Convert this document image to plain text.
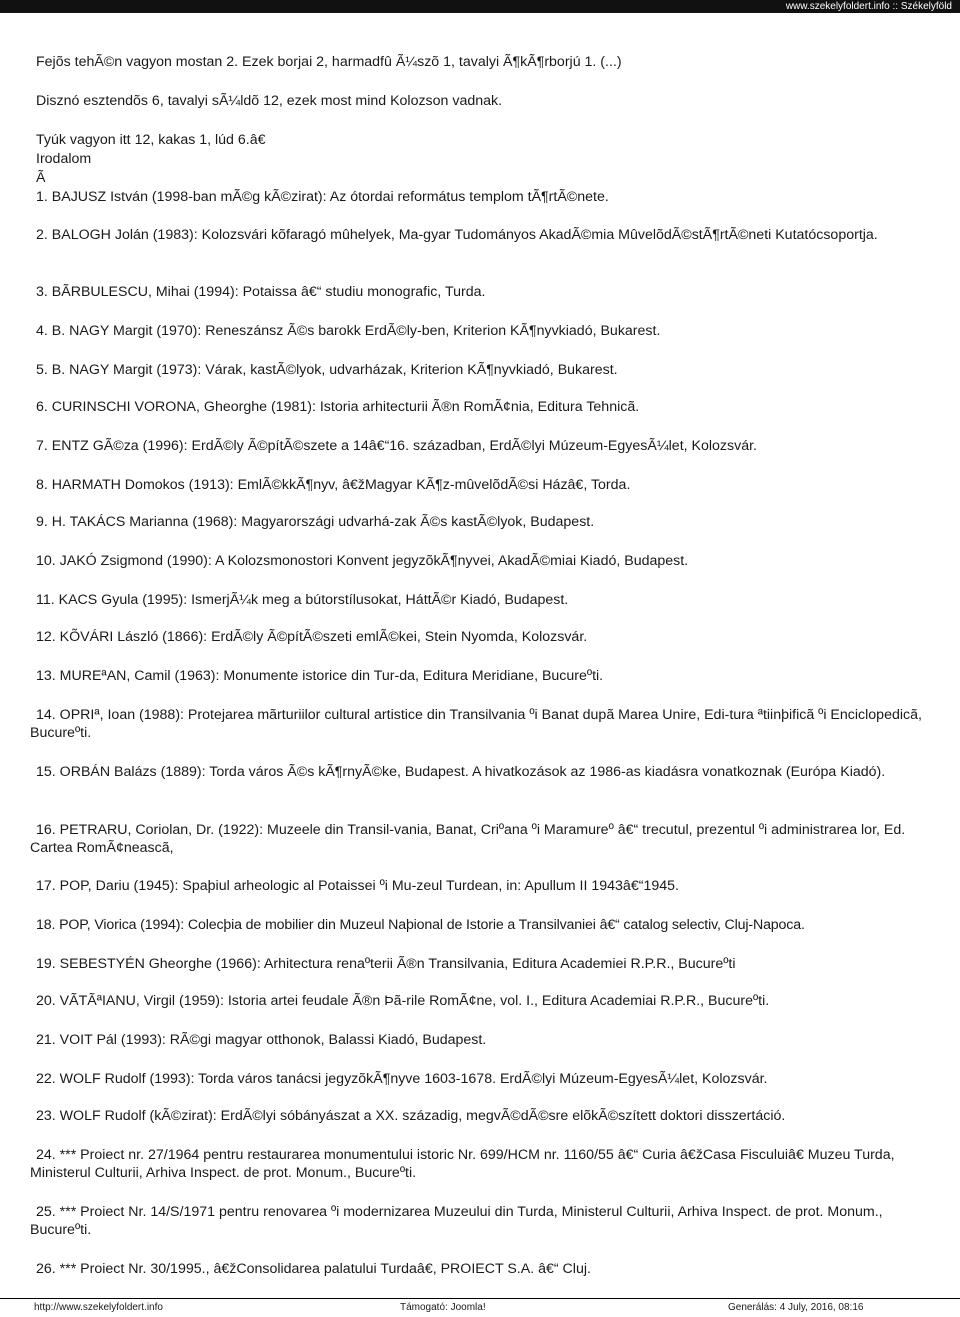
www.szekelyfoldert.info :: Székelyföld
Fejõs tehÃ©n vagyon mostan 2. Ezek borjai 2, harmadfû Ã¼szõ 1, tavalyi Ã¶kÃ¶rborjú 1. (...)
Disznó esztendõs 6, tavalyi sÃ¼ldõ 12, ezek most mind Kolozson vadnak.
Tyúk vagyon itt 12, kakas 1, lúd 6.â€
Irodalom
Ã
1. BAJUSZ István (1998-ban mÃ©g kÃ©zirat): Az ótordai református templom tÃ¶rtÃ©nete.
2. BALOGH Jolán (1983): Kolozsvári kõfaragó mûhelyek, Ma-gyar Tudományos AkadÃ©mia MûvelõdÃ©stÃ¶rtÃ©neti Kutatócsoportja.
3. BÃRBULESCU, Mihai (1994): Potaissa â€“ studiu monografic, Turda.
4. B. NAGY Margit (1970): Reneszánsz Ã©s barokk ErdÃ©ly-ben, Kriterion KÃ¶nyvkiadó, Bukarest.
5. B. NAGY Margit (1973): Várak, kastÃ©lyok, udvarházak, Kriterion KÃ¶nyvkiadó, Bukarest.
6. CURINSCHI VORONA, Gheorghe (1981): Istoria arhitecturii Ã®n RomÃ¢nia, Editura Tehnicã.
7. ENTZ GÃ©za (1996): ErdÃ©ly Ã©pítÃ©szete a 14â€“16. században, ErdÃ©lyi Múzeum-EgyesÃ¼let, Kolozsvár.
8. HARMATH Domokos (1913): EmlÃ©kkÃ¶nyv, â€žMagyar KÃ¶z-mûvelõdÃ©si Házâ€, Torda.
9. H. TAKÁCS Marianna (1968): Magyarországi udvarhá-zak Ã©s kastÃ©lyok, Budapest.
10. JAKÓ Zsigmond (1990): A Kolozsmonostori Konvent jegyzõkÃ¶nyvei, AkadÃ©miai Kiadó, Budapest.
11. KACS Gyula (1995): IsmerjÃ¼k meg a bútorstílusokat, HáttÃ©r Kiadó, Budapest.
12. KÕVÁRI László (1866): ErdÃ©ly Ã©pítÃ©szeti emlÃ©kei, Stein Nyomda, Kolozsvár.
13. MUREªAN, Camil (1963): Monumente istorice din Tur-da, Editura Meridiane, Bucureºti.
14. OPRIª, Ioan (1988): Protejarea mãrturiilor cultural artistice din Transilvania ºi Banat dupã Marea Unire, Edi-tura ªtiinþificã ºi Enciclopedicã, Bucureºti.
15. ORBÁN Balázs (1889): Torda város Ã©s kÃ¶rnyÃ©ke, Budapest. A hivatkozások az 1986-as kiadásra vonatkoznak (Európa Kiadó).
16. PETRARU, Coriolan, Dr. (1922): Muzeele din Transil-vania, Banat, Criºana ºi Maramureº â€“ trecutul, prezentul ºi administrarea lor, Ed. Cartea RomÃ¢neascã,
17. POP, Dariu (1945): Spaþiul arheologic al Potaissei ºi Mu-zeul Turdean, in: Apullum II 1943â€“1945.
18. POP, Viorica (1994): Colecþia de mobilier din Muzeul Naþional de Istorie a Transilvaniei â€“ catalog selectiv, Cluj-Napoca.
19. SEBESTYÉN Gheorghe (1966): Arhitectura renaºterii Ã®n Transilvania, Editura Academiei R.P.R., Bucureºti
20. VÃTÃªIANU, Virgil (1959): Istoria artei feudale Ã®n Þã-rile RomÃ¢ne, vol. I., Editura Academiai R.P.R., Bucureºti.
21. VOIT Pál (1993): RÃ©gi magyar otthonok, Balassi Kiadó, Budapest.
22. WOLF Rudolf (1993): Torda város tanácsi jegyzõkÃ¶nyve 1603-1678. ErdÃ©lyi Múzeum-EgyesÃ¼let, Kolozsvár.
23. WOLF Rudolf (kÃ©zirat): ErdÃ©lyi sóbányászat a XX. századig, megvÃ©dÃ©sre elõkÃ©szített doktori disszertáció.
24. *** Proiect nr. 27/1964 pentru restaurarea monumentului istoric Nr. 699/HCM nr. 1160/55 â€“ Curia â€žCasa Fisculuiâ€ Muzeu Turda, Ministerul Culturii, Arhiva Inspect. de prot. Monum., Bucureºti.
25. *** Proiect Nr. 14/S/1971 pentru renovarea ºi modernizarea Muzeului din Turda, Ministerul Culturii, Arhiva Inspect. de prot. Monum., Bucureºti.
26. *** Proiect Nr. 30/1995., â€žConsolidarea palatului Turdaâ€, PROIECT S.A. â€“ Cluj.
http://www.szekelyfoldert.info	Támogató: Joomla!	Generálás: 4 July, 2016, 08:16
